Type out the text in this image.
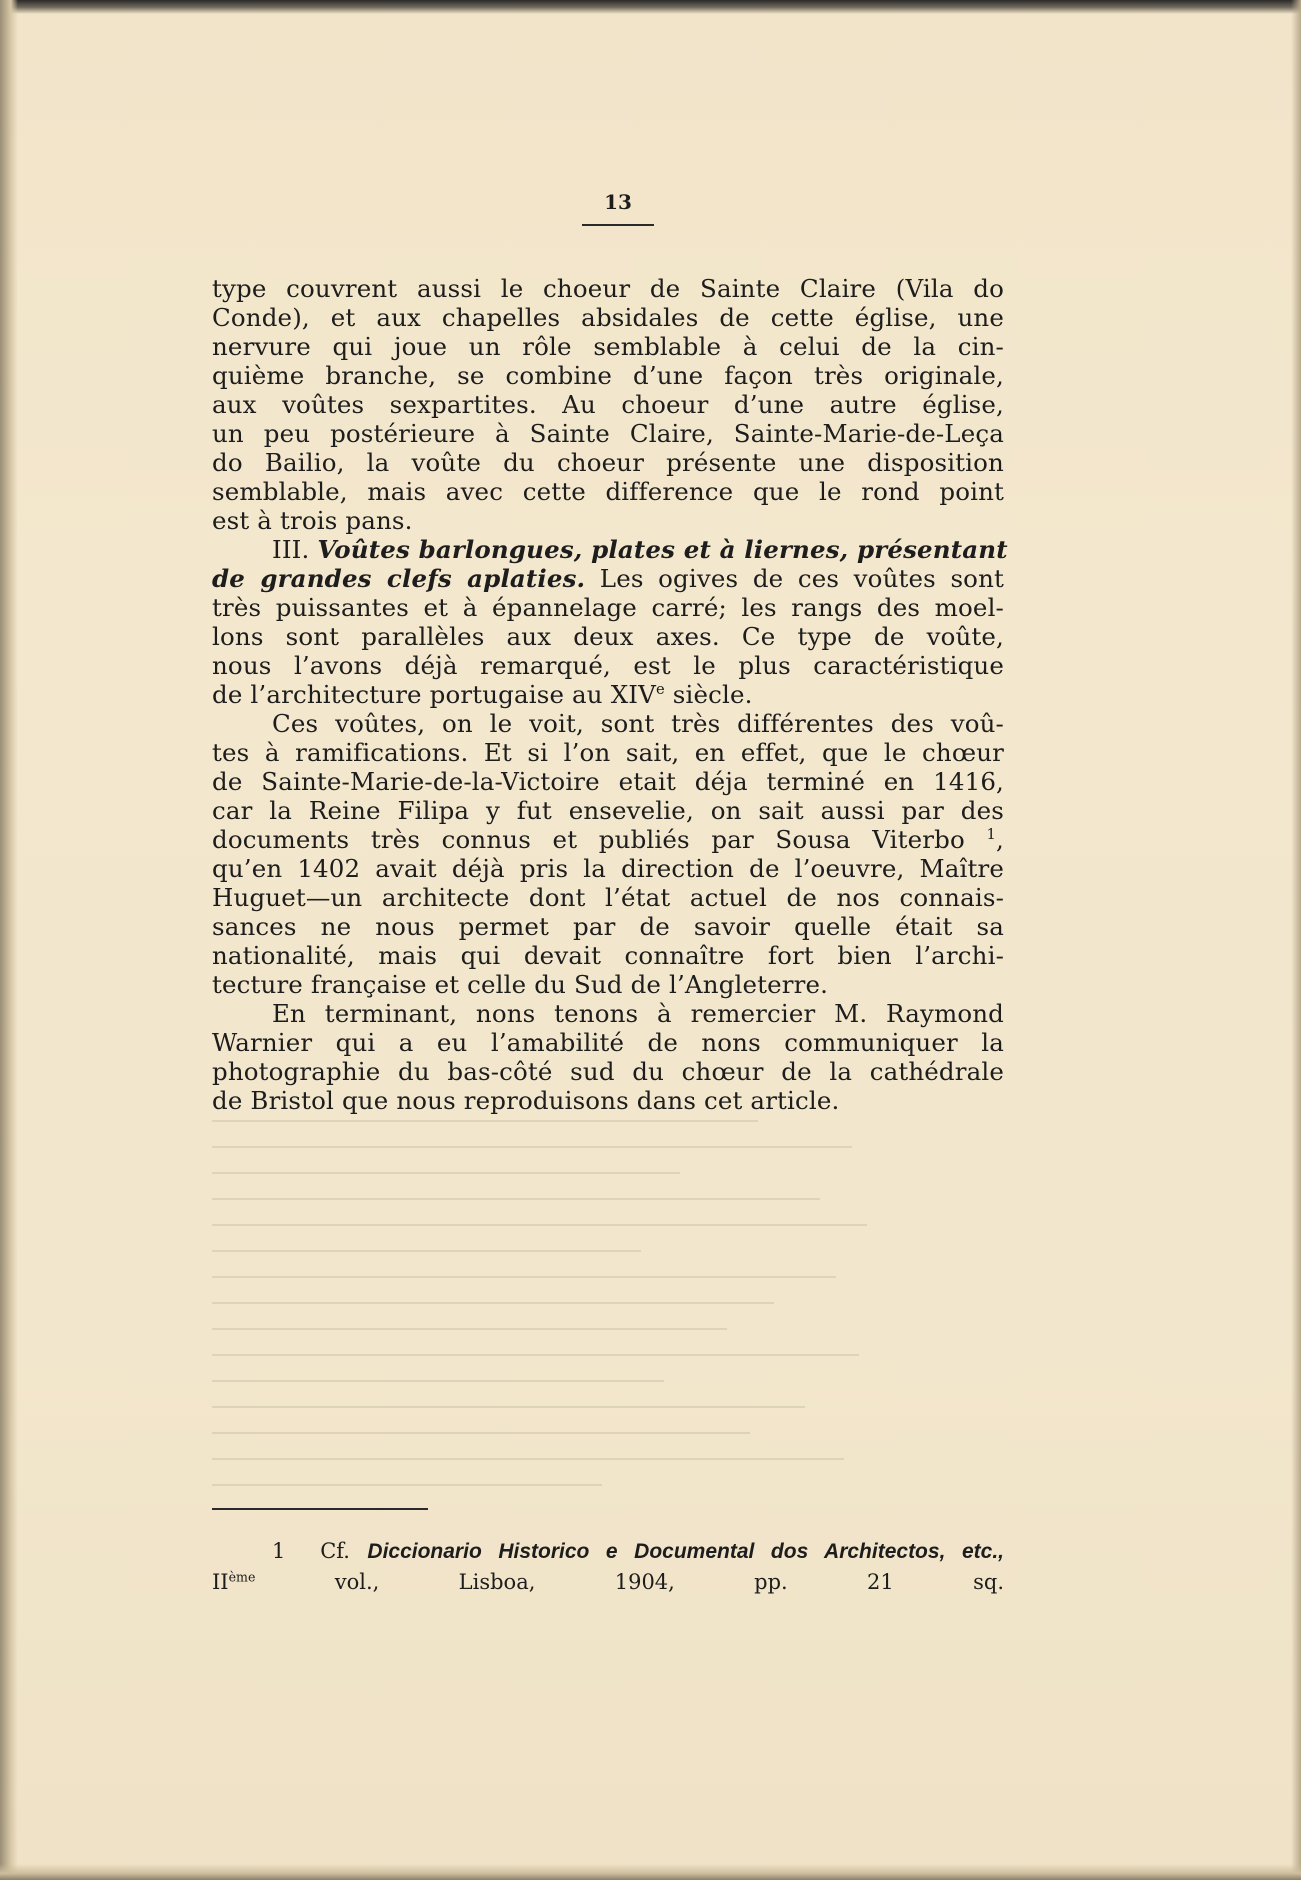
13
type couvrent aussi le choeur de Sainte Claire (Vila do
Conde), et aux chapelles absidales de cette église, une
nervure qui joue un rôle semblable à celui de la cin-
quième branche, se combine d’une façon très originale,
aux voûtes sexpartites. Au choeur d’une autre église,
un peu postérieure à Sainte Claire, Sainte-Marie-de-Leça
do Bailio, la voûte du choeur présente une disposition
semblable, mais avec cette difference que le rond point
est à trois pans.
III. Voûtes barlongues, plates et à liernes, présentant
de grandes clefs aplaties. Les ogives de ces voûtes sont
très puissantes et à épannelage carré; les rangs des moel-
lons sont parallèles aux deux axes. Ce type de voûte,
nous l’avons déjà remarqué, est le plus caractéristique
de l’architecture portugaise au XIVe siècle.
Ces voûtes, on le voit, sont très différentes des voû-
tes à ramifications. Et si l’on sait, en effet, que le chœur
de Sainte-Marie-de-la-Victoire etait déja terminé en 1416,
car la Reine Filipa y fut ensevelie, on sait aussi par des
documents très connus et publiés par Sousa Viterbo $^1$,
qu’en 1402 avait déjà pris la direction de l’oeuvre, Maître
Huguet—un architecte dont l’état actuel de nos connais-
sances ne nous permet par de savoir quelle était sa
nationalité, mais qui devait connaître fort bien l’archi-
tecture française et celle du Sud de l’Angleterre.
En terminant, nons tenons à remercier M. Raymond
Warnier qui a eu l’amabilité de nons communiquer la
photographie du bas-côté sud du chœur de la cathédrale
de Bristol que nous reproduisons dans cet article.
1 Cf. Diccionario Historico e Documental dos Architectos, etc.,
IIème	vol., Lisboa, 1904, pp. 21 sq.
